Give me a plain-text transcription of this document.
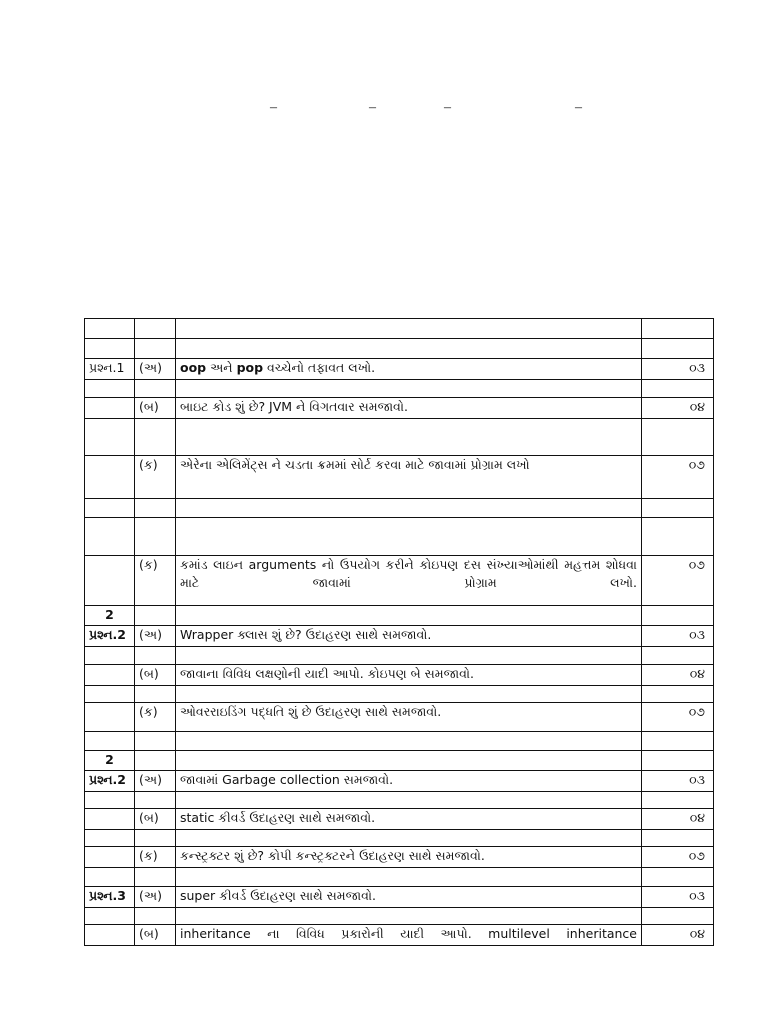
–	–	–	–

પ્રશ્ન.1	(અ)	oop અને pop વચ્ચેનો તફાવત લખો.	૦૩

	(બ)	બાઇટ કોડ શું છે? JVM ને વિગતવાર સમજાવો.	૦૪

	(ક)	એરેના એલિમેંટ્સ ને ચડતા ક્રમમાં સોર્ટ કરવા માટે જાવામાં પ્રોગ્રામ લખો	૦૭

	(ક)	કમાંડ લાઇન arguments નો ઉપયોગ કરીને કોઇપણ દસ સંખ્યાઓમાંથી મહત્તમ શોધવા માટે જાવામાં પ્રોગ્રામ લખો.	૦૭
2			
પ્રશ્ન.2	(અ)	Wrapper ક્લાસ શું છે? ઉદાહરણ સાથે સમજાવો.	૦૩

	(બ)	જાવાના વિવિધ લક્ષણોની યાદી આપો. કોઇપણ બે સમજાવો.	૦૪

	(ક)	ઓવરરાઇડિંગ પદ્ધતિ શું છે ઉદાહરણ સાથે સમજાવો.	૦૭

2			
પ્રશ્ન.2	(અ)	જાવામાં Garbage collection સમજાવો.	૦૩

	(બ)	static કીવર્ડ ઉદાહરણ સાથે સમજાવો.	૦૪

	(ક)	કન્સ્ટ્રક્ટર શું છે? કોપી કન્સ્ટ્રક્ટરને ઉદાહરણ સાથે સમજાવો.	૦૭

પ્રશ્ન.3	(અ)	super કીવર્ડ ઉદાહરણ સાથે સમજાવો.	૦૩

	(બ)	inheritance ના વિવિધ પ્રકારોની યાદી આપો. multilevel inheritance	૦૪
